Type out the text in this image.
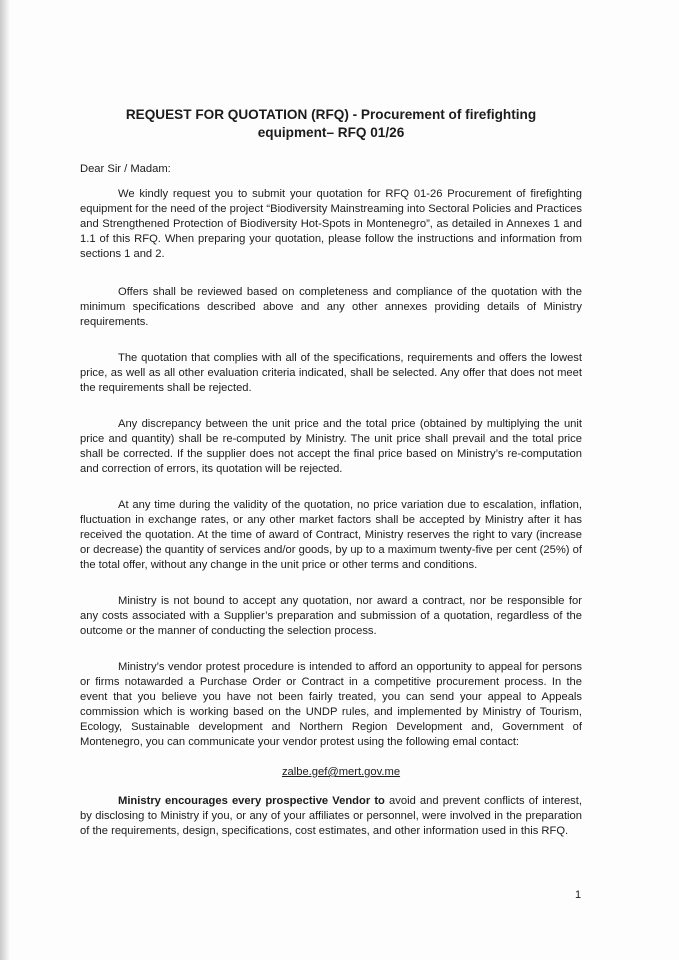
REQUEST FOR QUOTATION (RFQ) - Procurement of firefighting equipment– RFQ 01/26
Dear Sir / Madam:

We kindly request you to submit your quotation for RFQ 01-26 Procurement of firefighting equipment for the need of the project “Biodiversity Mainstreaming into Sectoral Policies and Practices and Strengthened Protection of Biodiversity Hot-Spots in Montenegro”, as detailed in Annexes 1 and 1.1 of this RFQ. When preparing your quotation, please follow the instructions and information from sections 1 and 2.

Offers shall be reviewed based on completeness and compliance of the quotation with the minimum specifications described above and any other annexes providing details of Ministry requirements.

The quotation that complies with all of the specifications, requirements and offers the lowest price, as well as all other evaluation criteria indicated, shall be selected. Any offer that does not meet the requirements shall be rejected.

Any discrepancy between the unit price and the total price (obtained by multiplying the unit price and quantity) shall be re-computed by Ministry. The unit price shall prevail and the total price shall be corrected. If the supplier does not accept the final price based on Ministry’s re-computation and correction of errors, its quotation will be rejected.

At any time during the validity of the quotation, no price variation due to escalation, inflation, fluctuation in exchange rates, or any other market factors shall be accepted by Ministry after it has received the quotation. At the time of award of Contract, Ministry reserves the right to vary (increase or decrease) the quantity of services and/or goods, by up to a maximum twenty-five per cent (25%) of the total offer, without any change in the unit price or other terms and conditions.

Ministry is not bound to accept any quotation, nor award a contract, nor be responsible for any costs associated with a Supplier’s preparation and submission of a quotation, regardless of the outcome or the manner of conducting the selection process.

Ministry’s vendor protest procedure is intended to afford an opportunity to appeal for persons or firms notawarded a Purchase Order or Contract in a competitive procurement process. In the event that you believe you have not been fairly treated, you can send your appeal to Appeals commission which is working based on the UNDP rules, and implemented by Ministry of Tourism, Ecology, Sustainable development and Northern Region Development and, Government of Montenegro, you can communicate your vendor protest using the following emal contact:

zalbe.gef@mert.gov.me

Ministry encourages every prospective Vendor to avoid and prevent conflicts of interest, by disclosing to Ministry if you, or any of your affiliates or personnel, were involved in the preparation of the requirements, design, specifications, cost estimates, and other information used in this RFQ.

1
